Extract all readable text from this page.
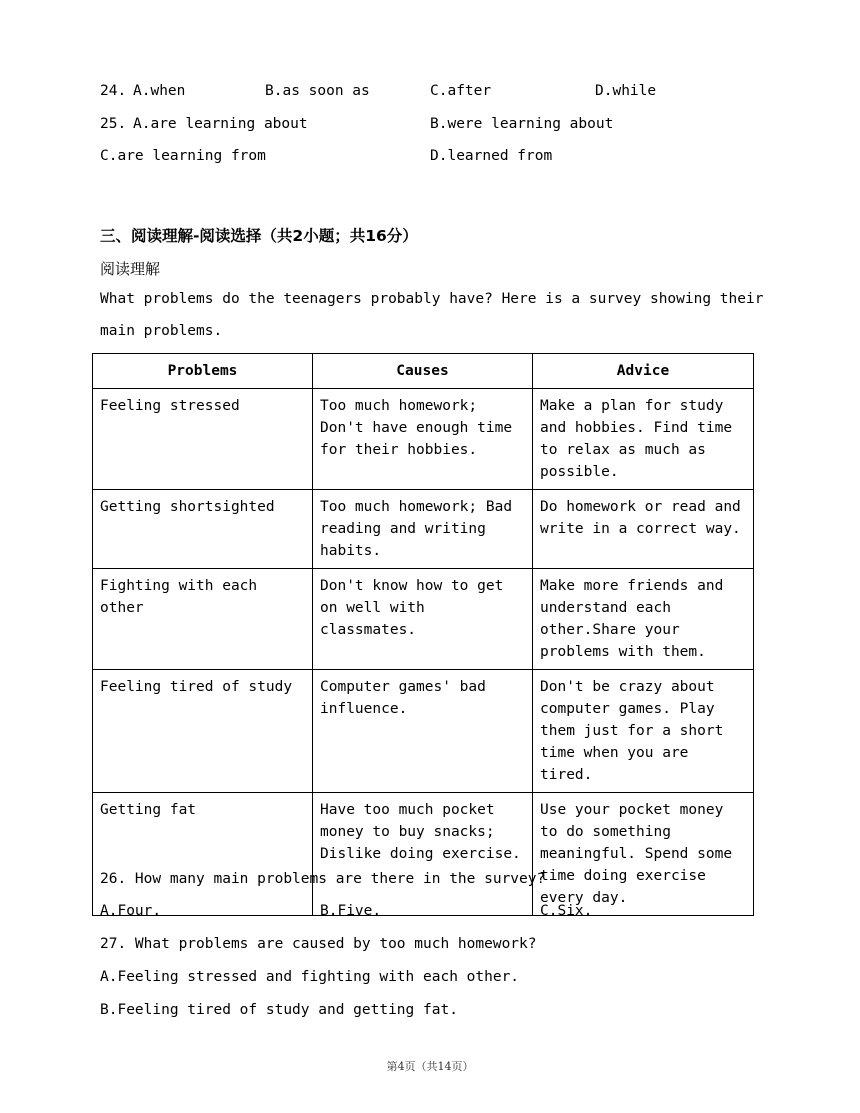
24. A.when	B.as soon as	C.after	D.while
25. A.are learning about	B.were learning about
C.are learning from	D.learned from
三、阅读理解-阅读选择（共2小题；共16分）
阅读理解
What problems do the teenagers probably have? Here is a survey showing their
main problems.
Problems	Causes	Advice
Feeling stressed	Too much homework; Don't have enough time for their hobbies.	Make a plan for study and hobbies. Find time to relax as much as possible.
Getting shortsighted	Too much homework; Bad reading and writing habits.	Do homework or read and write in a correct way.
Fighting with each other	Don't know how to get on well with classmates.	Make more friends and understand each other.Share your problems with them.
Feeling tired of study	Computer games' bad influence.	Don't be crazy about computer games. Play them just for a short time when you are tired.
Getting fat	Have too much pocket money to buy snacks; Dislike doing exercise.	Use your pocket money to do something meaningful. Spend some time doing exercise every day.
26. How many main problems are there in the survey?
A.Four.	B.Five.	C.Six.
27. What problems are caused by too much homework?
A.Feeling stressed and fighting with each other.
B.Feeling tired of study and getting fat.
第4页（共14页）
